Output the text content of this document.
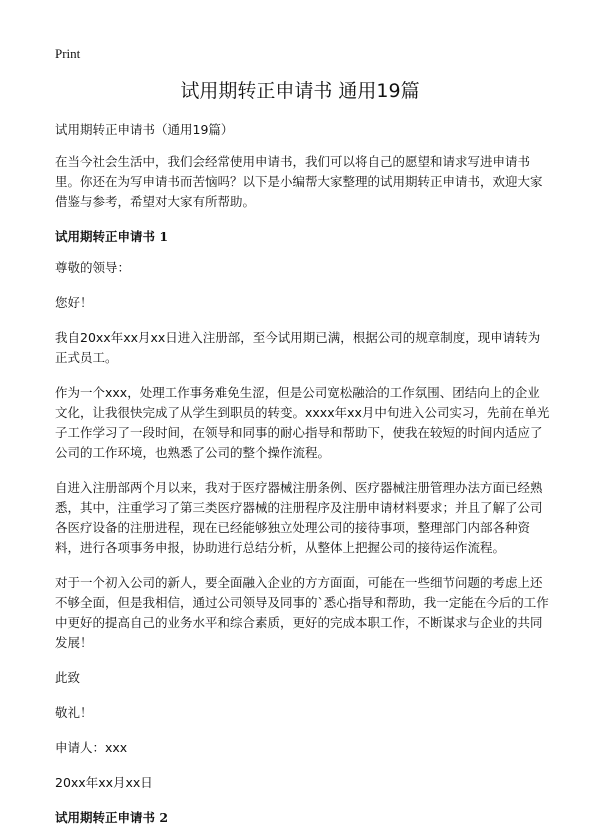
Print
试用期转正申请书 通用19篇

试用期转正申请书（通用19篇）

在当今社会生活中，我们会经常使用申请书，我们可以将自己的愿望和请求写进申请书里。你还在为写申请书而苦恼吗？以下是小编帮大家整理的试用期转正申请书，欢迎大家借鉴与参考，希望对大家有所帮助。

试用期转正申请书 1

尊敬的领导：

您好！

我自20xx年xx月xx日进入注册部，至今试用期已满，根据公司的规章制度，现申请转为正式员工。

作为一个xxx，处理工作事务难免生涩，但是公司宽松融洽的工作氛围、团结向上的企业文化，让我很快完成了从学生到职员的转变。xxxx年xx月中旬进入公司实习，先前在单光子工作学习了一段时间，在领导和同事的耐心指导和帮助下，使我在较短的时间内适应了公司的工作环境，也熟悉了公司的整个操作流程。

自进入注册部两个月以来，我对于医疗器械注册条例、医疗器械注册管理办法方面已经熟悉，其中，注重学习了第三类医疗器械的注册程序及注册申请材料要求；并且了解了公司各医疗设备的注册进程，现在已经能够独立处理公司的接待事项，整理部门内部各种资料，进行各项事务申报，协助进行总结分析，从整体上把握公司的接待运作流程。

对于一个初入公司的新人，要全面融入企业的方方面面，可能在一些细节问题的考虑上还不够全面，但是我相信，通过公司领导及同事的`悉心指导和帮助，我一定能在今后的工作中更好的提高自己的业务水平和综合素质，更好的完成本职工作，不断谋求与企业的共同发展！

此致

敬礼！

申请人：xxx

20xx年xx月xx日

试用期转正申请书 2
